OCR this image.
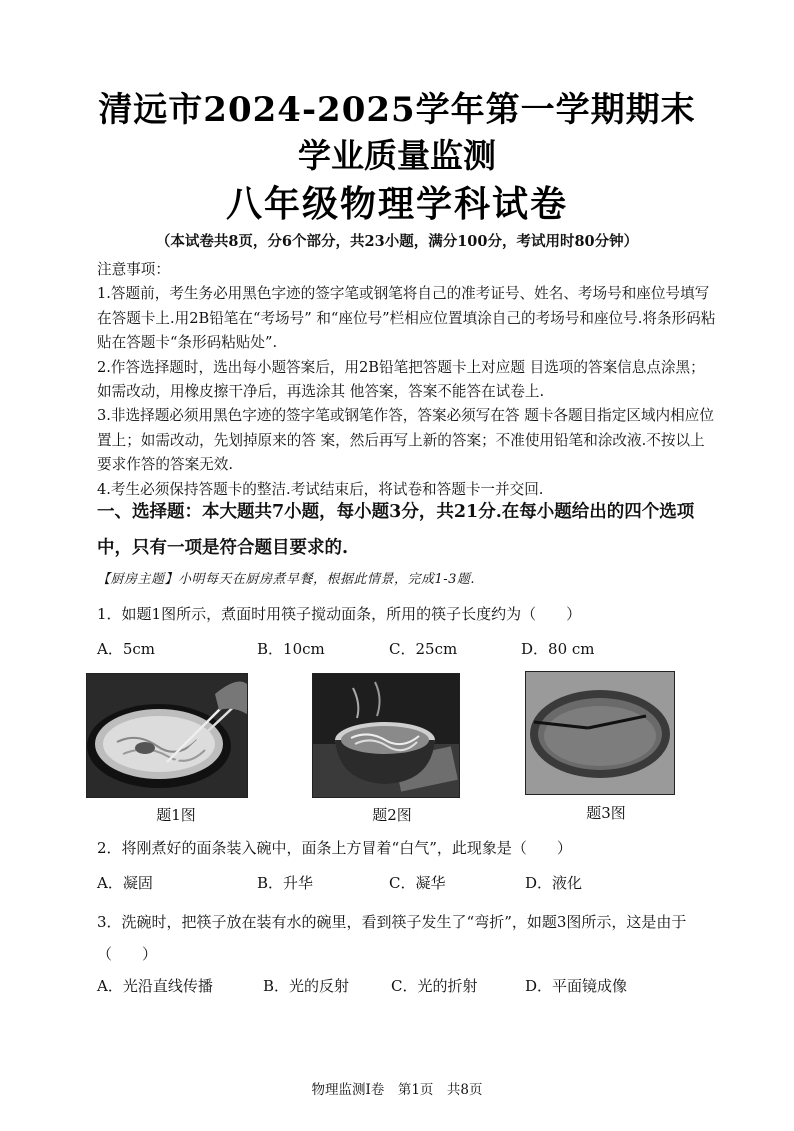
清远市2024-2025学年第一学期期末
学业质量监测
八年级物理学科试卷
（本试卷共8页，分6个部分，共23小题，满分100分，考试用时80分钟）

注意事项：

1.答题前，考生务必用黑色字迹的签字笔或钢笔将自己的准考证号、姓名、考场号和座位号填写在答题卡上.用2B铅笔在“考场号” 和“座位号”栏相应位置填涂自己的考场号和座位号.将条形码粘贴在答题卡“条形码粘贴处”.

2.作答选择题时，选出每小题答案后，用2B铅笔把答题卡上对应题 目选项的答案信息点涂黑；如需改动，用橡皮擦干净后，再选涂其 他答案，答案不能答在试卷上.

3.非选择题必须用黑色字迹的签字笔或钢笔作答，答案必须写在答 题卡各题目指定区域内相应位置上；如需改动，先划掉原来的答 案，然后再写上新的答案；不准使用铅笔和涂改液.不按以上要求作答的答案无效.

4.考生必须保持答题卡的整洁.考试结束后，将试卷和答题卡一并交回.

一、选择题：本大题共7小题，每小题3分，共21分.在每小题给出的四个选项中，只有一项是符合题目要求的.
【厨房主题】小明每天在厨房煮早餐，根据此情景，完成1-3题.
1．如题1图所示，煮面时用筷子搅动面条，所用的筷子长度约为（　　）
A．5cm	B．10cm	C．25cm	D．80 cm
题1图	题2图	题3图
2．将刚煮好的面条装入碗中，面条上方冒着“白气”，此现象是（　　）
A．凝固	B．升华	C．凝华	D．液化
3．洗碗时，把筷子放在装有水的碗里，看到筷子发生了“弯折”，如题3图所示，这是由于（　　）
A．光沿直线传播	B．光的反射	C．光的折射	D．平面镜成像
物理监测Ⅰ卷　第1页　共8页
